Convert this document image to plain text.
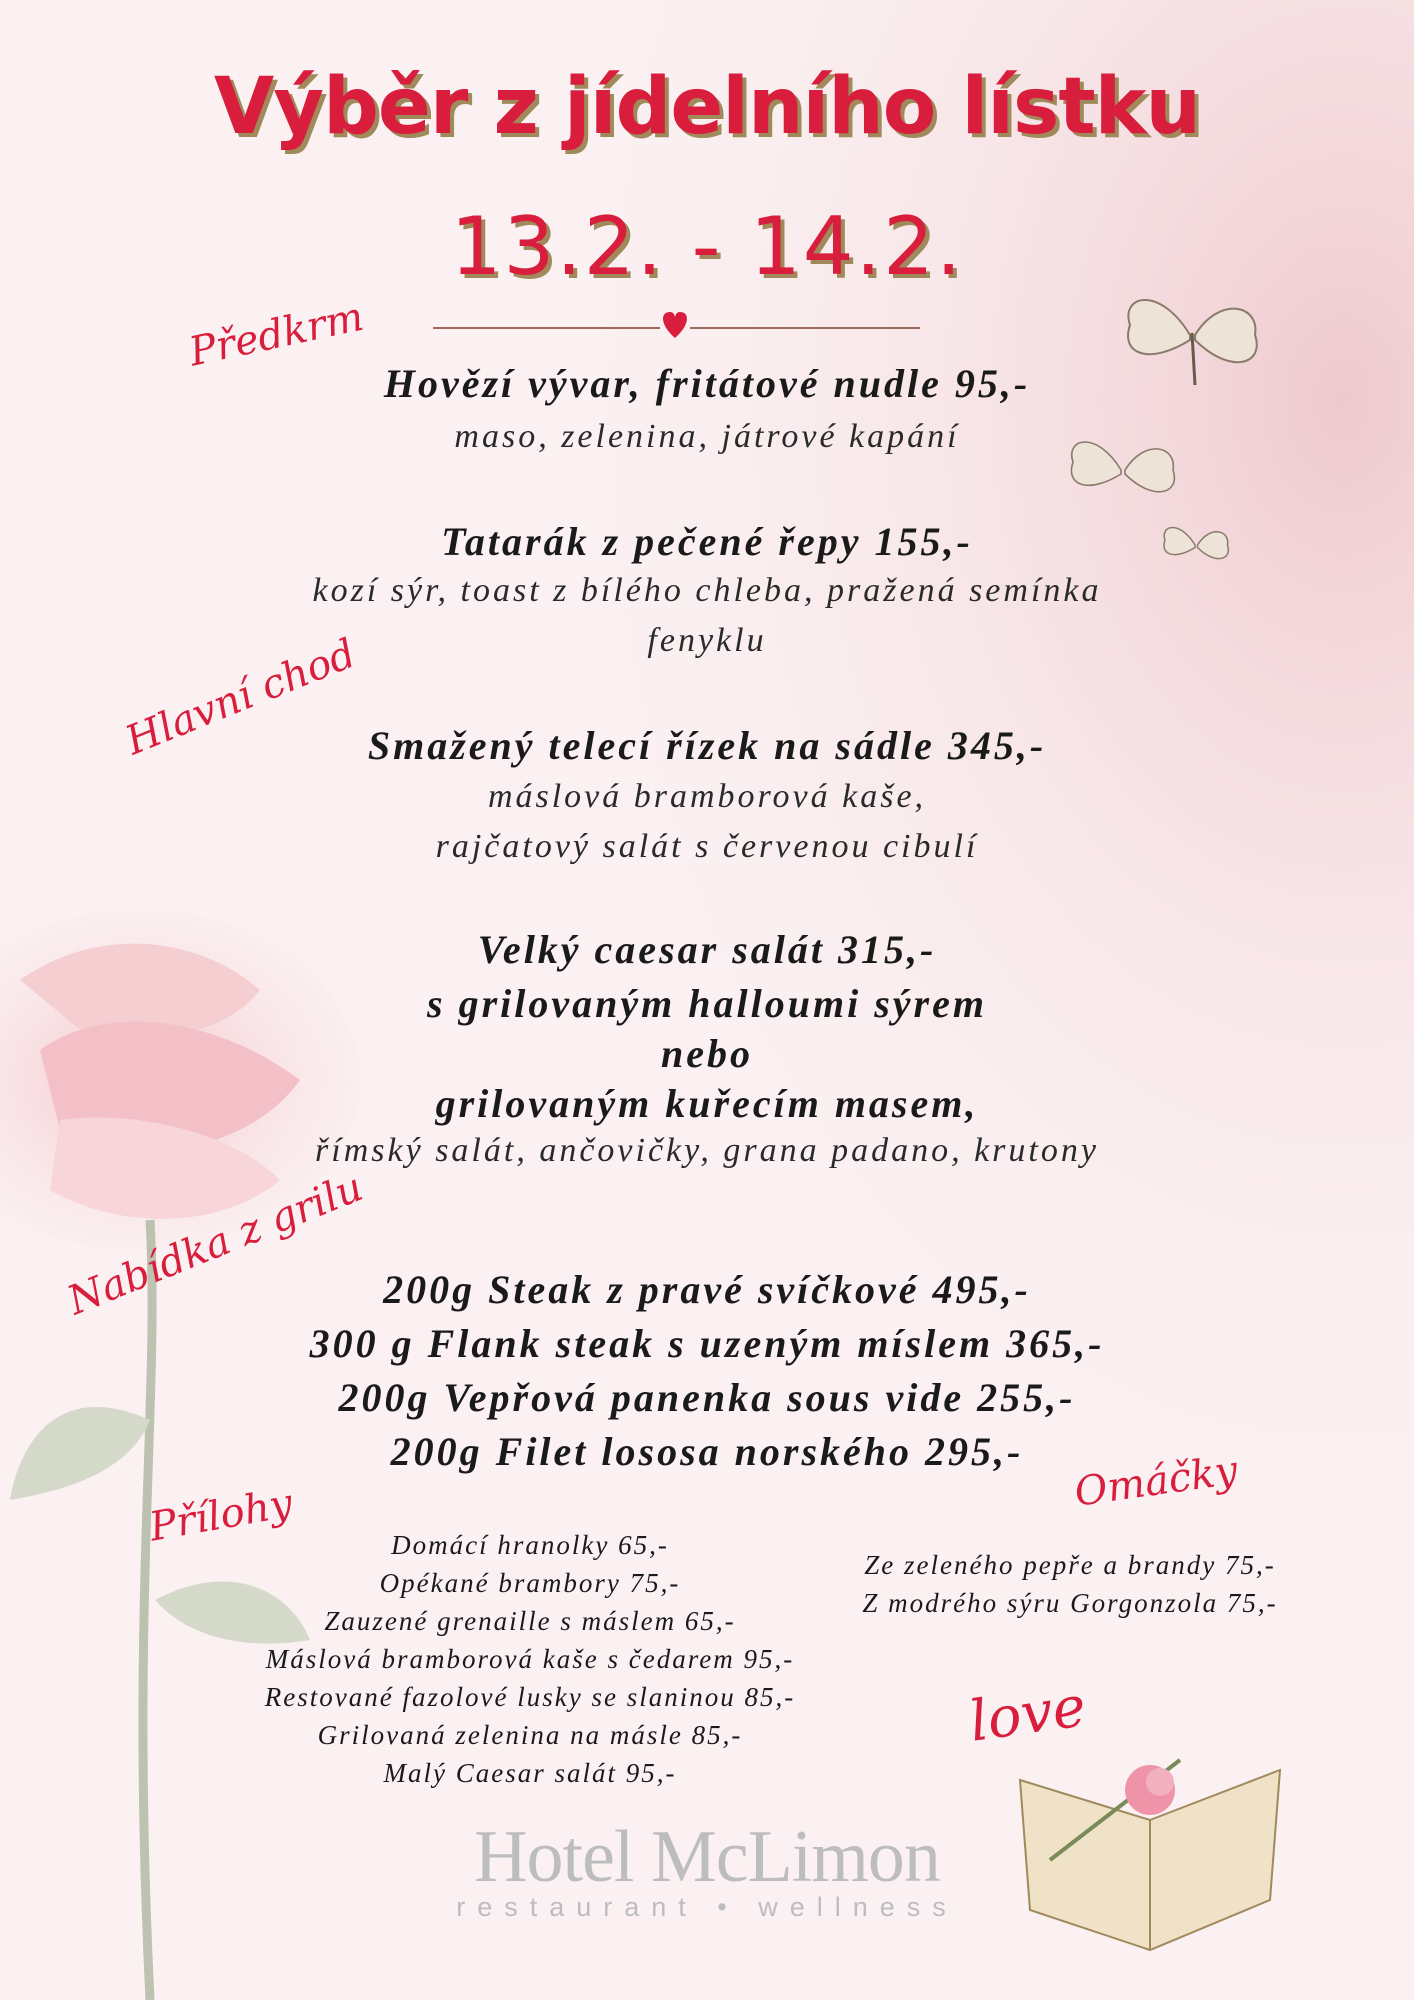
Výběr z jídelního lístku
13.2. - 14.2.
Předkrm
Hovězí vývar, fritátové nudle 95,-
maso, zelenina, játrové kapání
Tatarák z pečené řepy 155,-
kozí sýr, toast z bílého chleba, pražená semínka
fenyklu
Hlavní chod Smažený telecí řízek na sádle 345,-
máslová bramborová kaše,
rajčatový salát s červenou cibulí
Velký caesar salát 315,-
s grilovaným halloumi sýrem
nebo
grilovaným kuřecím masem,
římský salát, ančovičky, grana padano, krutony
Nabídka z grilu 200g Steak z pravé svíčkové 495,-
300 g Flank steak s uzeným míslem 365,-
200g Vepřová panenka sous vide 255,-
200g Filet lososa norského 295,-
Přílohy	Domácí hranolky 65,-
Opékané brambory 75,-
Zauzené grenaille s máslem 65,-
Máslová bramborová kaše s čedarem 95,-
Restované fazolové lusky se slaninou 85,-
Grilovaná zelenina na másle 85,-
Malý Caesar salát 95,-
Omáčky
Ze zeleného pepře a brandy 75,-
Z modrého sýru Gorgonzola 75,-
love
Hotel McLimon
restaurant • wellness
